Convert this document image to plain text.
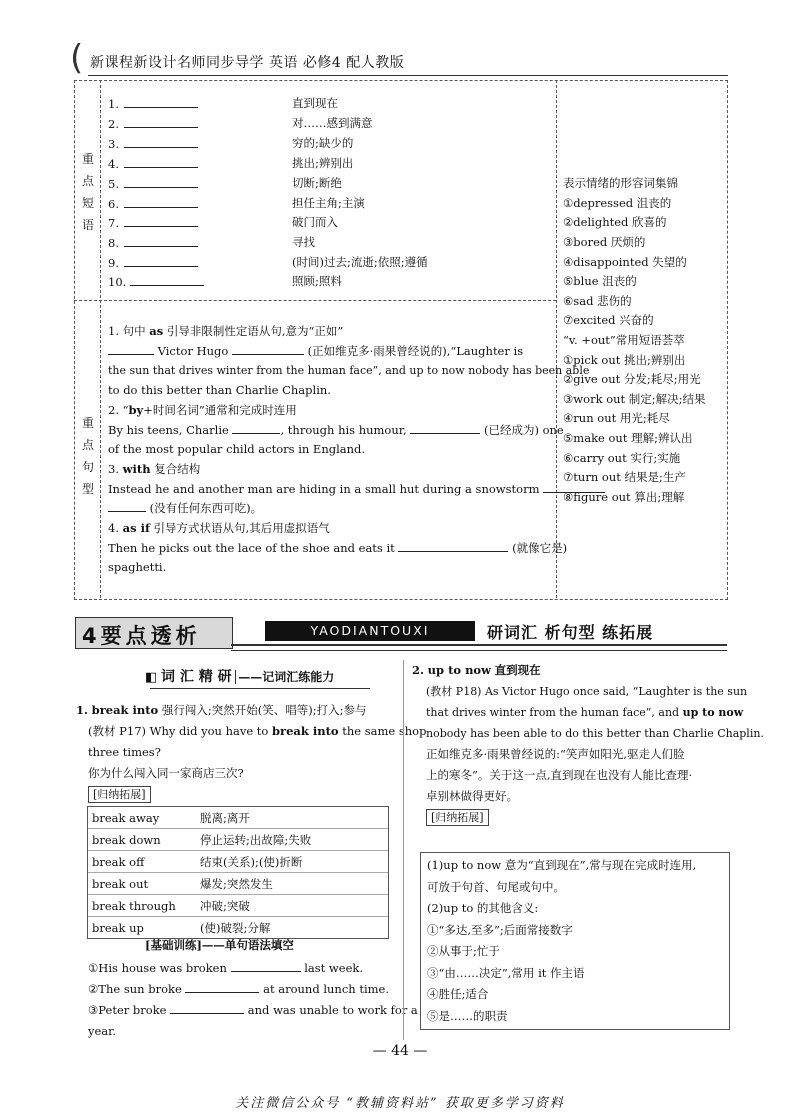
( 新课程新设计名师同步导学 英语 必修4 配人教版
重点短语
1.	直到现在
2.	对……感到满意
3.	穷的;缺少的
4.	挑出;辨别出
5.	切断;断绝
6.	担任主角;主演
7.	破门而入
8.	寻找
9.	(时间)过去;流逝;依照;遵循
10.	照顾;照料
表示情绪的形容词集锦
①depressed 沮丧的
②delighted 欣喜的
③bored 厌烦的
④disappointed 失望的
⑤blue 沮丧的
⑥sad 悲伤的
⑦excited 兴奋的
“v. +out”常用短语荟萃
①pick out 挑出;辨别出
②give out 分发;耗尽;用光
③work out 制定;解决;结果
④run out 用光;耗尽
⑤make out 理解;辨认出
⑥carry out 实行;实施
⑦turn out 结果是;生产
⑧figure out 算出;理解
重点句型
1. 句中 as 引导非限制性定语从句,意为“正如”
Victor Hugo	(正如维克多·雨果曾经说的),“Laughter is
the sun that drives winter from the human face”, and up to now nobody has been able
to do this better than Charlie Chaplin.
2. “by+时间名词”通常和完成时连用
By his teens, Charlie	, through his humour,	(已经成为) one
of the most popular child actors in England.
3. with 复合结构
Instead he and another man are hiding in a small hut during a snowstorm
(没有任何东西可吃)。
4. as if 引导方式状语从句,其后用虚拟语气
Then he picks out the lace of the shoe and eats it	(就像它是)
spaghetti.
4要点透析	YAODIANTOUXI	研词汇 析句型 练拓展
◧ 词 汇 精 研 ——记词汇练能力
1. break into 强行闯入;突然开始(笑、唱等);打入;参与
(教材 P17) Why did you have to break into the same shop
three times?
你为什么闯入同一家商店三次?
[归纳拓展]
break away	脱离;离开
break down	停止运转;出故障;失败
break off	结束(关系);(使)折断
break out	爆发;突然发生
break through	冲破;突破
break up	(使)破裂;分解
[基础训练]——单句语法填空
①His house was broken	last week.
②The sun broke	at around lunch time.
③Peter broke	and was unable to work for a
year.
2. up to now 直到现在
(教材 P18) As Victor Hugo once said, “Laughter is the sun
that drives winter from the human face”, and up to now
nobody has been able to do this better than Charlie Chaplin.
正如维克多·雨果曾经说的:“笑声如阳光,驱走人们脸
上的寒冬”。关于这一点,直到现在也没有人能比查理·
卓别林做得更好。
[归纳拓展]
(1)up to now 意为“直到现在”,常与现在完成时连用,
可放于句首、句尾或句中。
(2)up to 的其他含义:
①“多达,至多”;后面常接数字
②从事于;忙于
③“由……决定”,常用 it 作主语
④胜任;适合
⑤是……的职责
— 44 —
关注微信公众号 “教辅资料站” 获取更多学习资料
